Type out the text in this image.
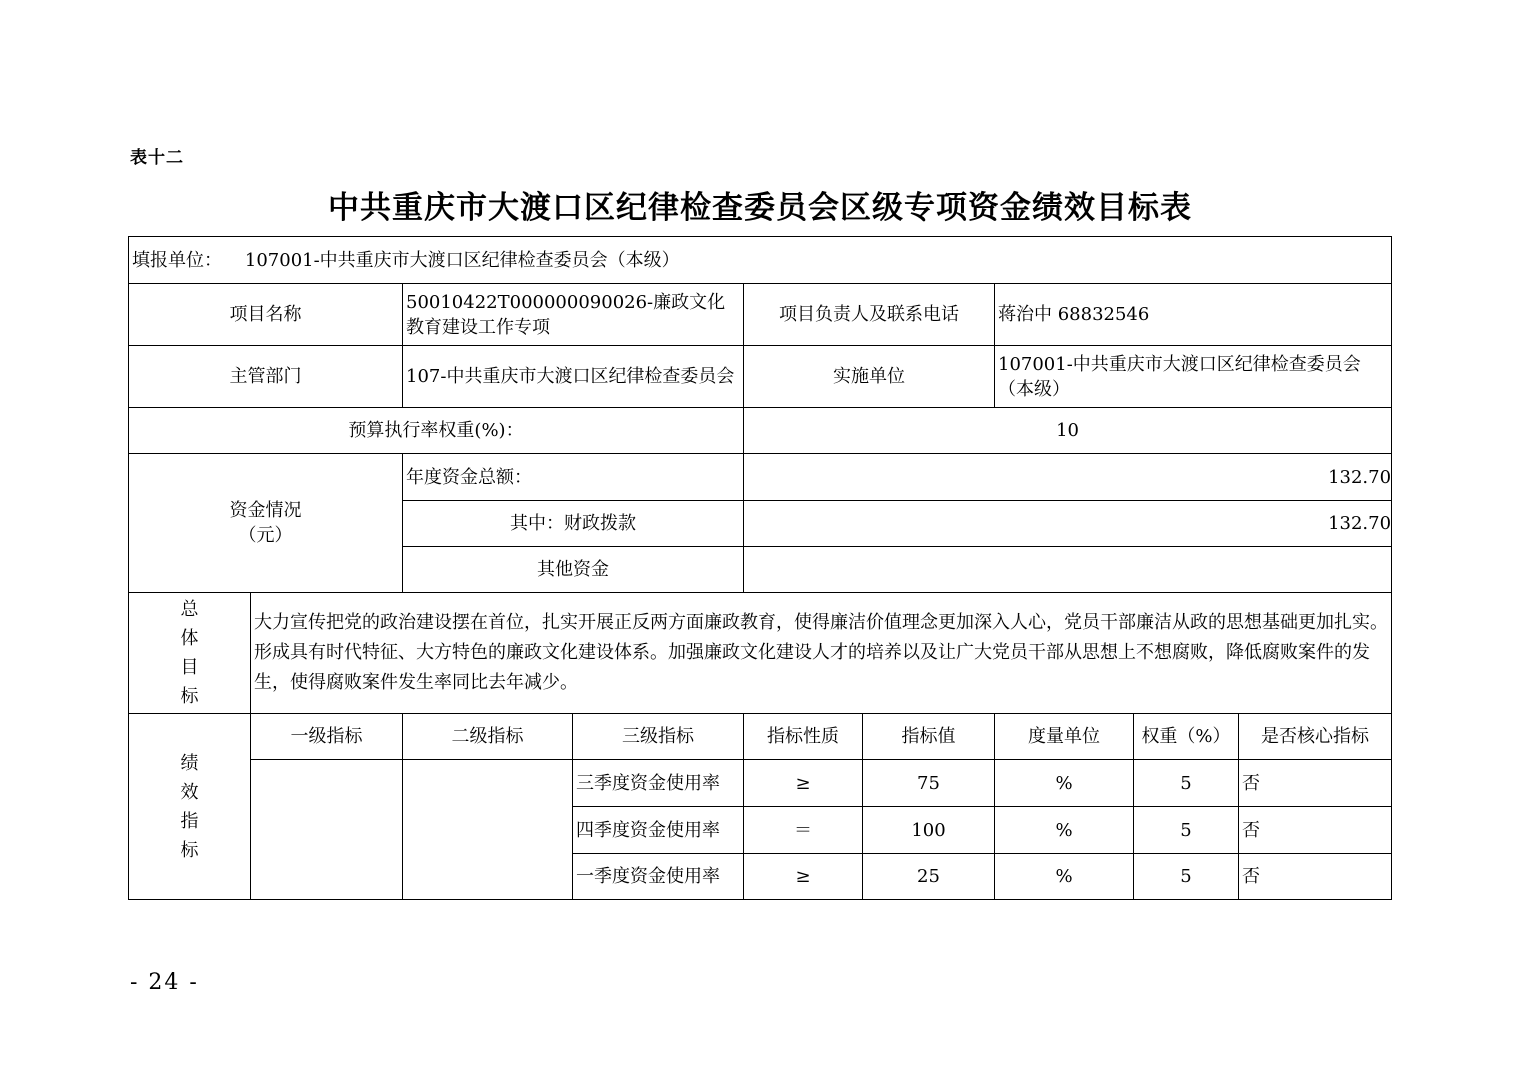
表十二
中共重庆市大渡口区纪律检查委员会区级专项资金绩效目标表
填报单位： 107001-中共重庆市大渡口区纪律检查委员会（本级）								
项目名称		50010422T000000090026-廉政文化教育建设工作专项		项目负责人及联系电话		蒋治中 68832546		
主管部门		107-中共重庆市大渡口区纪律检查委员会		实施单位		107001-中共重庆市大渡口区纪律检查委员会（本级）		
预算执行率权重(%)：				10				
资金情况
（元）		年度资金总额：		132.70				
		其中：财政拨款		132.70				
		其他资金						

总
体
目
标	大力宣传把党的政治建设摆在首位，扎实开展正反两方面廉政教育，使得廉洁价值理念更加深入人心，党员干部廉洁从政的思想基础更加扎实。形成具有时代特征、大方特色的廉政文化建设体系。加强廉政文化建设人才的培养以及让广大党员干部从思想上不想腐败，降低腐败案件的发生，使得腐败案件发生率同比去年减少。							

绩
效
指
标	一级指标	二级指标	三级指标	指标性质	指标值	度量单位	权重（%）	是否核心指标
			三季度资金使用率	≥	75	%	5	否
			四季度资金使用率	＝	100	%	5	否
			一季度资金使用率	≥	25	%	5	否
- 24 -
